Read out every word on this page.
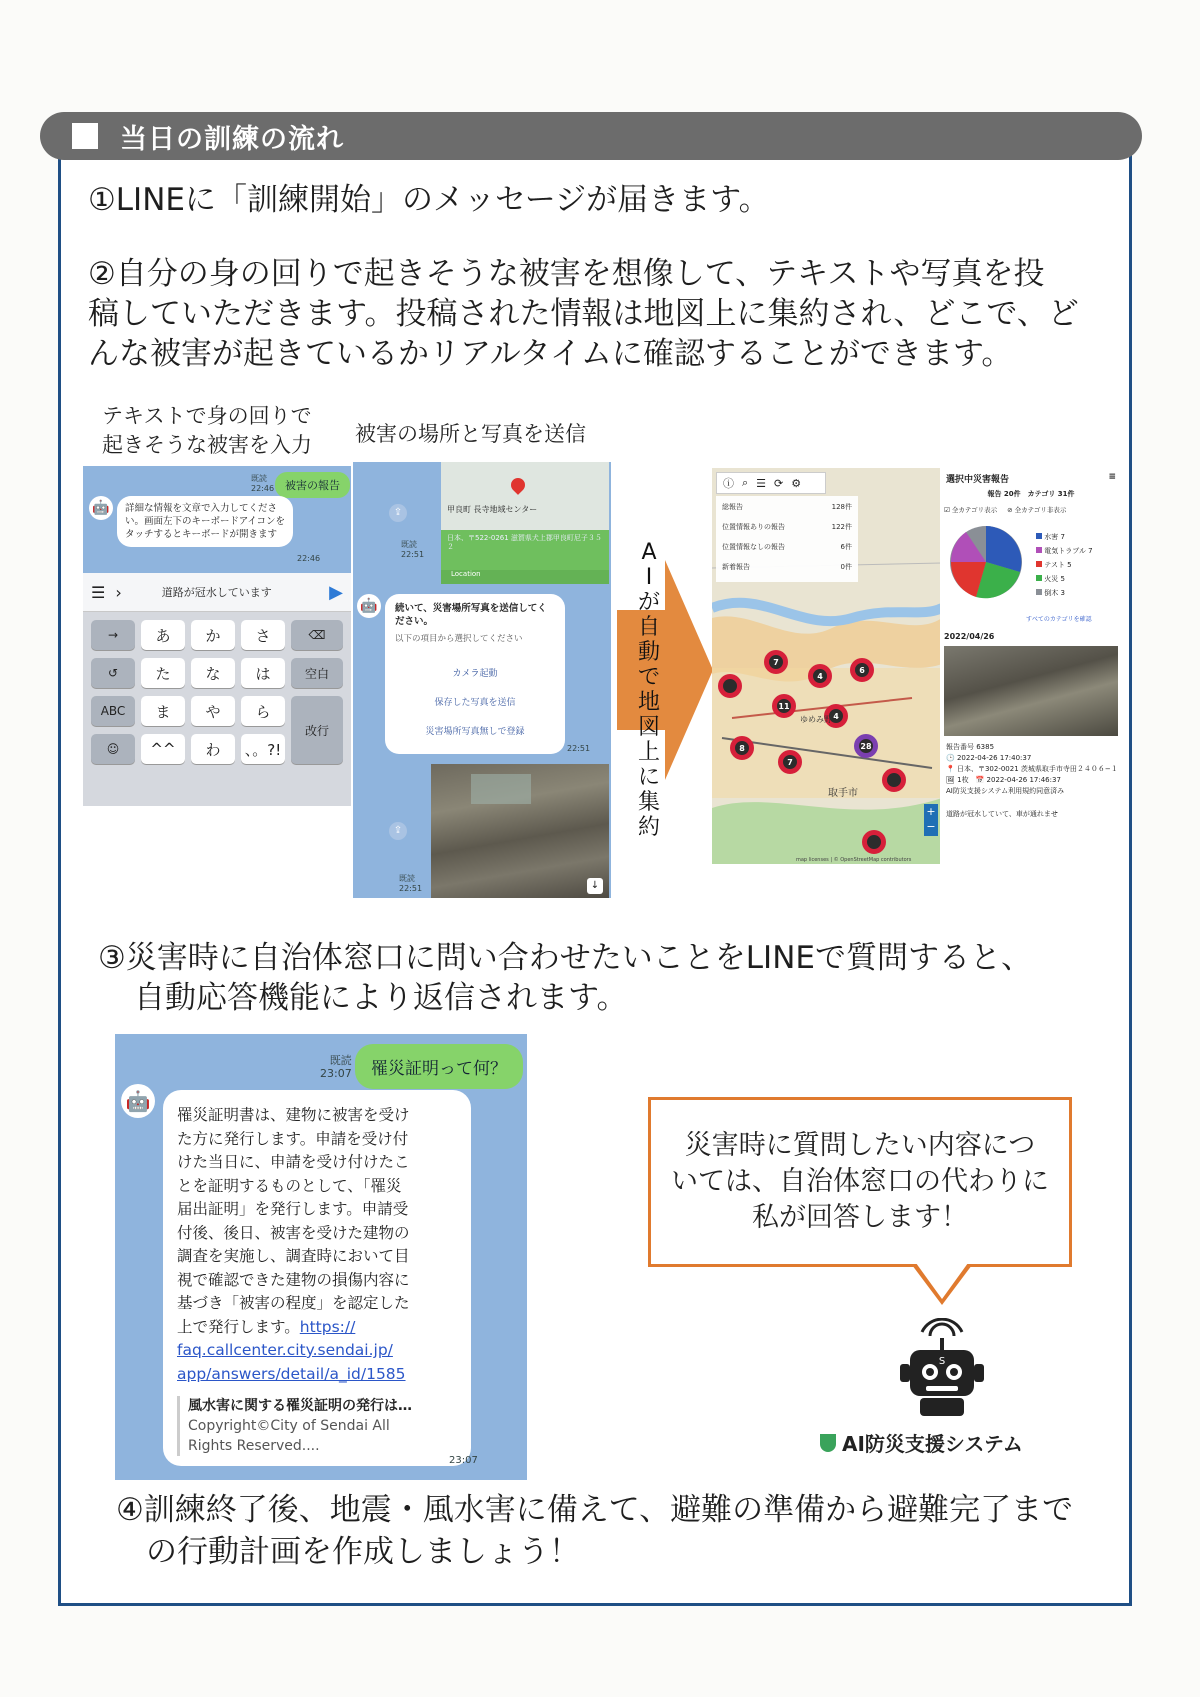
当日の訓練の流れ
①LINEに「訓練開始」のメッセージが届きます。
②自分の身の回りで起きそうな被害を想像して、テキストや写真を投
稿していただきます。投稿された情報は地図上に集約され、どこで、ど
んな被害が起きているかリアルタイムに確認することができます。
テキストで身の回りで
起きそうな被害を入力 被害の場所と写真を送信
既読
22:46 被害の報告
🤖	詳細な情報を文章で入力してください。画面左下のキーボードアイコンをタッチするとキーボードが開きます
22:46
☰ ›	道路が冠水しています	▶
→	あ	か	さ	⌫
↺	た	な	は	空白
ABC	ま	や	ら
改行
☺	^^	わ	、。?!
甲良町 長寺地域センター
日本、〒522-0261 滋賀県犬上郡甲良町尼子３５２
Location
既読
22:51
⇪
🤖	続いて、災害場所写真を送信してください。
以下の項目から選択してください
カメラ起動
保存した写真を送信
災害場所写真無しで登録
22:51
↓
既読
22:51
⇪
A
I
が
自
動
で
地
図
上
に
集
約
ⓘ ⌕ ☰ ⟳ ⚙
総報告	128件
位置情報ありの報告	122件
位置情報なしの報告	6件
新着報告	0件
7
4
6
11
4
8	28
7
ゆめみ野
取手市
+
−
map licenses | © OpenStreetMap contributors
選択中災害報告	≡
報告 20件　カテゴリ 31件
☑ 全カテゴリ表示 ⊘ 全カテゴリ非表示
水害 7
電気トラブル 7
テスト 5
火災 5
倒木 3
すべてのカテゴリを確認
2022/04/26
報告番号 6385
🕒 2022-04-26 17:40:37
📍 日本、〒302-0021 茨城県取手市寺田２４０６−１
🖼 1枚　📅 2022-04-26 17:46:37
AI防災支援システム利用規約同意済み
道路が冠水していて、車が通れませ
③災害時に自治体窓口に問い合わせたいことをLINEで質問すると、
自動応答機能により返信されます。
既読
23:07	罹災証明って何？
🤖
罹災証明書は、建物に被害を受け
た方に発行します。申請を受け付
けた当日に、申請を受け付けたこ
とを証明するものとして、「罹災
届出証明」を発行します。申請受
付後、後日、被害を受けた建物の
調査を実施し、調査時において目
視で確認できた建物の損傷内容に
基づき「被害の程度」を認定した
上で発行します。https://
faq.callcenter.city.sendai.jp/
app/answers/detail/a_id/1585
風水害に関する罹災証明の発行は…
Copyright©City of Sendai All
Rights Reserved....
23:07
災害時に質問したい内容につ
いては、自治体窓口の代わりに
私が回答します！
S
AI防災支援システム
④訓練終了後、地震・風水害に備えて、避難の準備から避難完了まで
の行動計画を作成しましょう！
